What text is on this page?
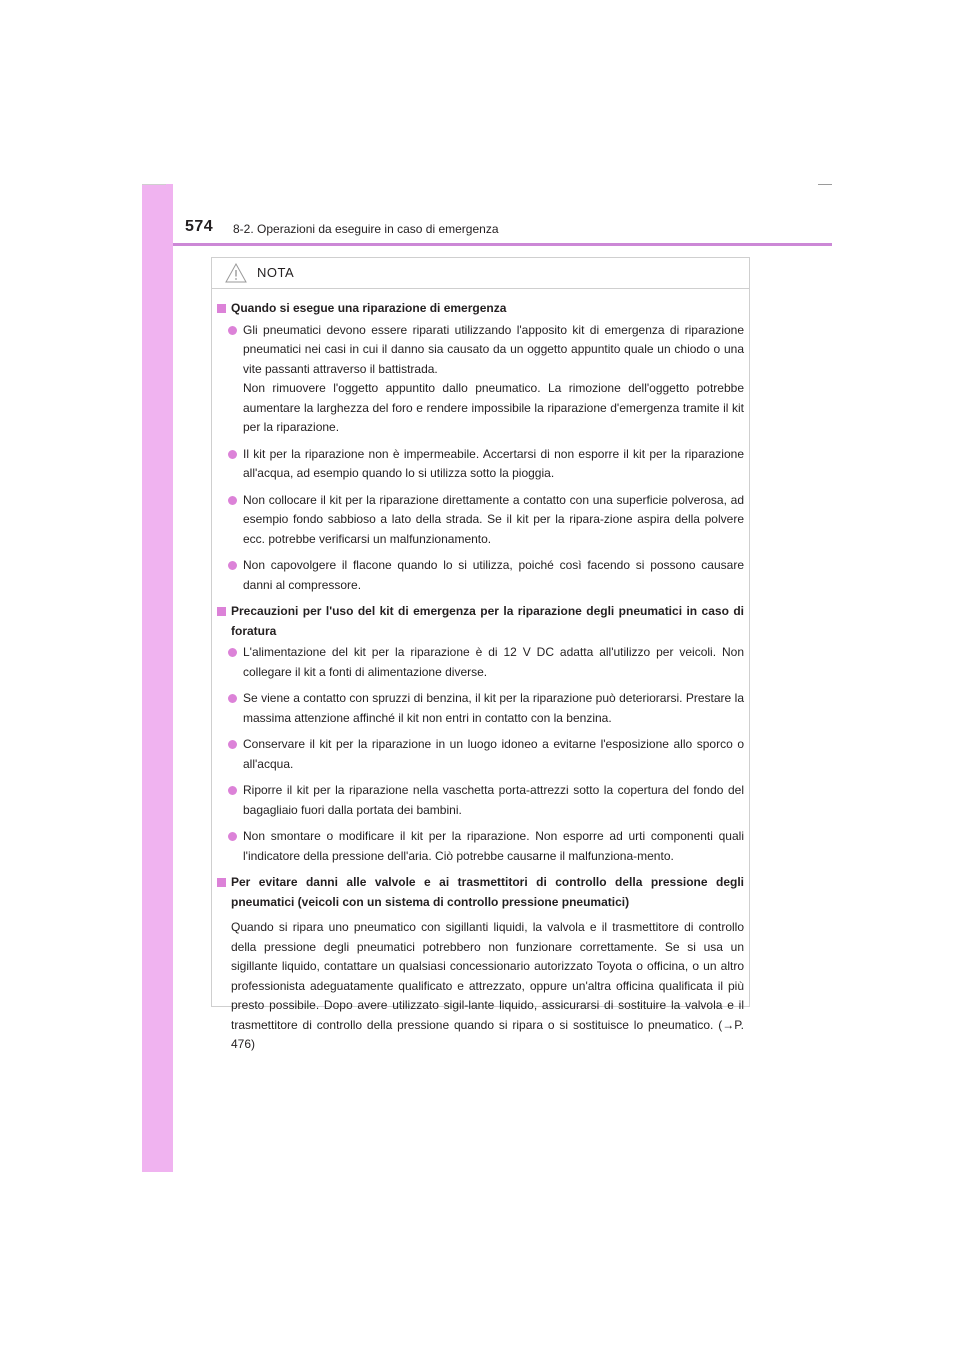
574 8-2. Operazioni da eseguire in caso di emergenza
NOTA
Quando si esegue una riparazione di emergenza
Gli pneumatici devono essere riparati utilizzando l'apposito kit di emergenza di riparazione pneumatici nei casi in cui il danno sia causato da un oggetto appuntito quale un chiodo o una vite passanti attraverso il battistrada.
Non rimuovere l'oggetto appuntito dallo pneumatico. La rimozione dell'oggetto potrebbe aumentare la larghezza del foro e rendere impossibile la riparazione d'emergenza tramite il kit per la riparazione.
Il kit per la riparazione non è impermeabile. Accertarsi di non esporre il kit per la riparazione all'acqua, ad esempio quando lo si utilizza sotto la pioggia.
Non collocare il kit per la riparazione direttamente a contatto con una superficie polverosa, ad esempio fondo sabbioso a lato della strada. Se il kit per la ripara-zione aspira della polvere ecc. potrebbe verificarsi un malfunzionamento.
Non capovolgere il flacone quando lo si utilizza, poiché così facendo si possono causare danni al compressore.
Precauzioni per l'uso del kit di emergenza per la riparazione degli pneumatici in caso di foratura
L'alimentazione del kit per la riparazione è di 12 V DC adatta all'utilizzo per veicoli. Non collegare il kit a fonti di alimentazione diverse.
Se viene a contatto con spruzzi di benzina, il kit per la riparazione può deteriorarsi. Prestare la massima attenzione affinché il kit non entri in contatto con la benzina.
Conservare il kit per la riparazione in un luogo idoneo a evitarne l'esposizione allo sporco o all'acqua.
Riporre il kit per la riparazione nella vaschetta porta-attrezzi sotto la copertura del fondo del bagagliaio fuori dalla portata dei bambini.
Non smontare o modificare il kit per la riparazione. Non esporre ad urti componenti quali l'indicatore della pressione dell'aria. Ciò potrebbe causarne il malfunziona-mento.
Per evitare danni alle valvole e ai trasmettitori di controllo della pressione degli pneumatici (veicoli con un sistema di controllo pressione pneumatici)
Quando si ripara uno pneumatico con sigillanti liquidi, la valvola e il trasmettitore di controllo della pressione degli pneumatici potrebbero non funzionare correttamente. Se si usa un sigillante liquido, contattare un qualsiasi concessionario autorizzato Toyota o officina, o un altro professionista adeguatamente qualificato e attrezzato, oppure un'altra officina qualificata il più presto possibile. Dopo avere utilizzato sigil-lante liquido, assicurarsi di sostituire la valvola e il trasmettitore di controllo della pressione quando si ripara o si sostituisce lo pneumatico. (→P. 476)
